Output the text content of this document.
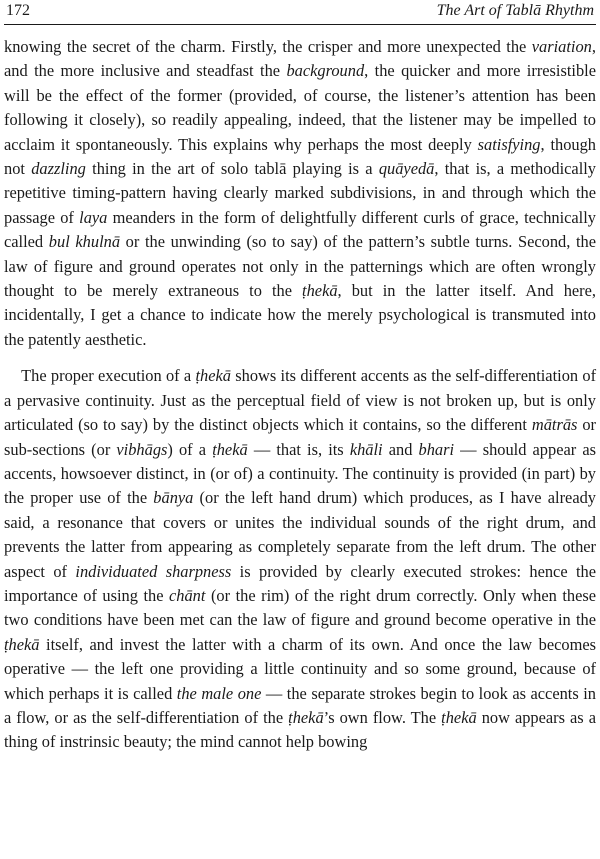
172	The Art of Tablā Rhythm

knowing the secret of the charm. Firstly, the crisper and more unexpected the variation, and the more inclusive and steadfast the background, the quicker and more irresistible will be the effect of the former (provided, of course, the listener’s attention has been following it closely), so readily appealing, indeed, that the listener may be impelled to acclaim it spontaneously. This explains why perhaps the most deeply satisfying, though not dazzling thing in the art of solo tablā playing is a quāyedā, that is, a methodically repetitive timing-pattern having clearly marked subdivisions, in and through which the passage of laya meanders in the form of delightfully different curls of grace, technically called bul khulnā or the unwinding (so to say) of the pattern’s subtle turns. Second, the law of figure and ground operates not only in the patternings which are often wrongly thought to be merely extraneous to the ṭhekā, but in the latter itself. And here, incidentally, I get a chance to indicate how the merely psychological is transmuted into the patently aesthetic.

The proper execution of a ṭhekā shows its different accents as the self-differentiation of a pervasive continuity. Just as the perceptual field of view is not broken up, but is only articulated (so to say) by the distinct objects which it contains, so the different mātrās or sub-sections (or vibhāgs) of a ṭhekā — that is, its khāli and bhari — should appear as accents, howsoever distinct, in (or of) a continuity. The continuity is provided (in part) by the proper use of the bānya (or the left hand drum) which produces, as I have already said, a resonance that covers or unites the individual sounds of the right drum, and prevents the latter from appearing as completely separate from the left drum. The other aspect of individuated sharpness is provided by clearly executed strokes: hence the importance of using the chānt (or the rim) of the right drum correctly. Only when these two conditions have been met can the law of figure and ground become operative in the ṭhekā itself, and invest the latter with a charm of its own. And once the law becomes operative — the left one providing a little continuity and so some ground, because of which perhaps it is called the male one — the separate strokes begin to look as accents in a flow, or as the self-differentiation of the ṭhekā’s own flow. The ṭhekā now appears as a thing of instrinsic beauty; the mind cannot help bowing
